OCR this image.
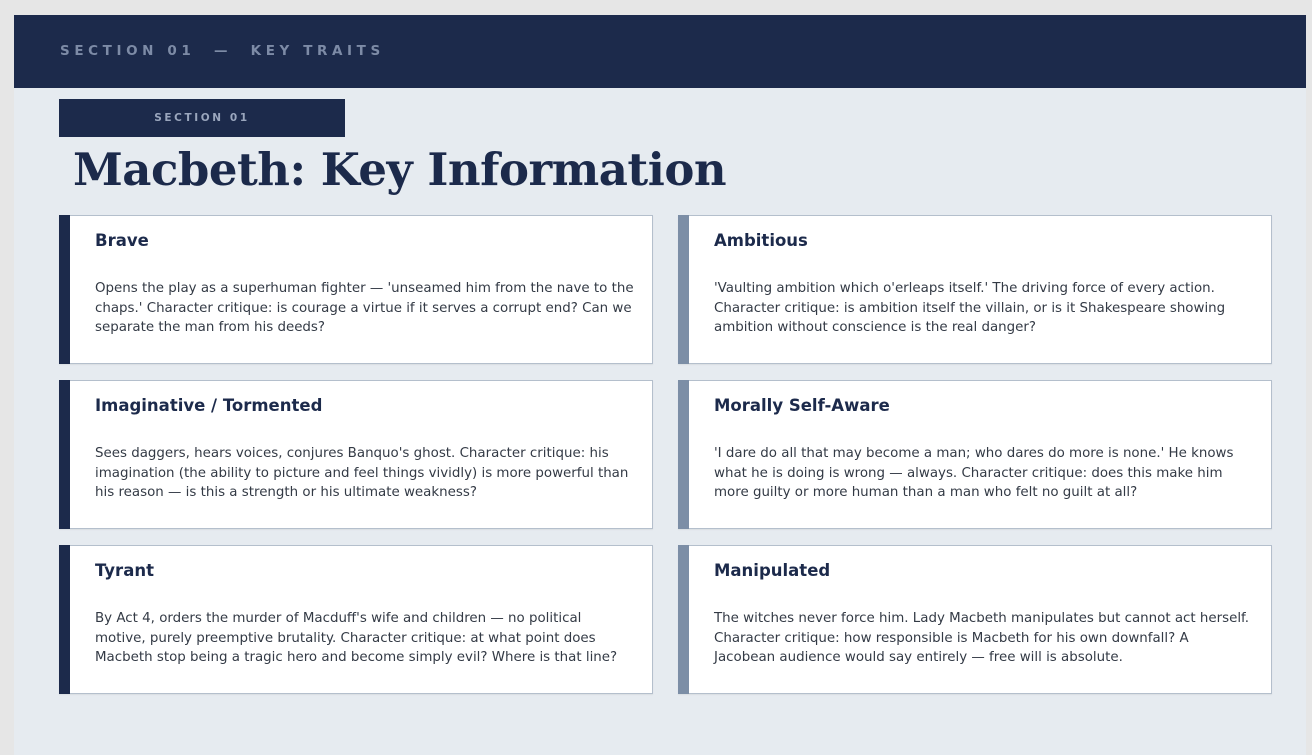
SECTION 01  —  KEY TRAITS
SECTION 01
Macbeth: Key Information
Brave
Opens the play as a superhuman fighter — 'unseamed him from the nave to the chaps.' Character critique: is courage a virtue if it serves a corrupt end? Can we separate the man from his deeds?
Ambitious
'Vaulting ambition which o'erleaps itself.' The driving force of every action. Character critique: is ambition itself the villain, or is it Shakespeare showing ambition without conscience is the real danger?
Imaginative / Tormented
Sees daggers, hears voices, conjures Banquo's ghost. Character critique: his imagination (the ability to picture and feel things vividly) is more powerful than his reason — is this a strength or his ultimate weakness?
Morally Self-Aware
'I dare do all that may become a man; who dares do more is none.' He knows what he is doing is wrong — always. Character critique: does this make him more guilty or more human than a man who felt no guilt at all?
Tyrant
By Act 4, orders the murder of Macduff's wife and children — no political motive, purely preemptive brutality. Character critique: at what point does Macbeth stop being a tragic hero and become simply evil? Where is that line?
Manipulated
The witches never force him. Lady Macbeth manipulates but cannot act herself. Character critique: how responsible is Macbeth for his own downfall? A Jacobean audience would say entirely — free will is absolute.
